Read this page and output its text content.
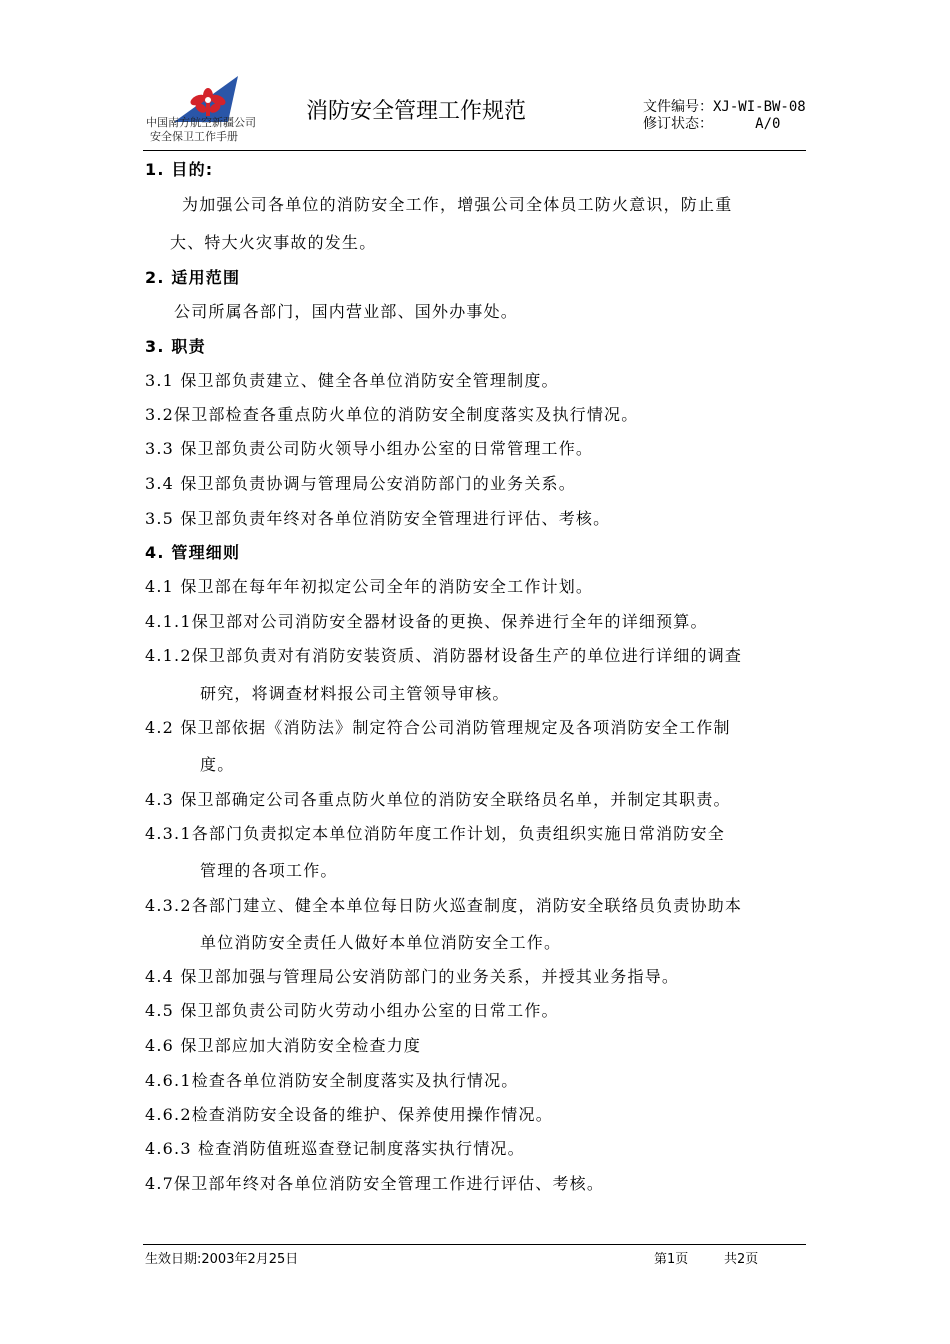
中国南方航空新疆公司
安全保卫工作手册
消防安全管理工作规范	文件编号：XJ-WI-BW-08
修订状态：     A/0
1. 目的:
为加强公司各单位的消防安全工作，增强公司全体员工防火意识，防止重
大、特大火灾事故的发生。
2. 适用范围
公司所属各部门，国内营业部、国外办事处。
3. 职责
3.1 保卫部负责建立、健全各单位消防安全管理制度。
3.2保卫部检查各重点防火单位的消防安全制度落实及执行情况。
3.3 保卫部负责公司防火领导小组办公室的日常管理工作。
3.4 保卫部负责协调与管理局公安消防部门的业务关系。
3.5 保卫部负责年终对各单位消防安全管理进行评估、考核。
4. 管理细则
4.1 保卫部在每年年初拟定公司全年的消防安全工作计划。
4.1.1保卫部对公司消防安全器材设备的更换、保养进行全年的详细预算。
4.1.2保卫部负责对有消防安装资质、消防器材设备生产的单位进行详细的调查
研究，将调查材料报公司主管领导审核。
4.2 保卫部依据《消防法》制定符合公司消防管理规定及各项消防安全工作制
度。
4.3 保卫部确定公司各重点防火单位的消防安全联络员名单，并制定其职责。
4.3.1各部门负责拟定本单位消防年度工作计划，负责组织实施日常消防安全
管理的各项工作。
4.3.2各部门建立、健全本单位每日防火巡查制度，消防安全联络员负责协助本
单位消防安全责任人做好本单位消防安全工作。
4.4 保卫部加强与管理局公安消防部门的业务关系，并授其业务指导。
4.5 保卫部负责公司防火劳动小组办公室的日常工作。
4.6 保卫部应加大消防安全检查力度
4.6.1检查各单位消防安全制度落实及执行情况。
4.6.2检查消防安全设备的维护、保养使用操作情况。
4.6.3 检查消防值班巡查登记制度落实执行情况。
4.7保卫部年终对各单位消防安全管理工作进行评估、考核。
生效日期:2003年2月25日	第1页	共2页
